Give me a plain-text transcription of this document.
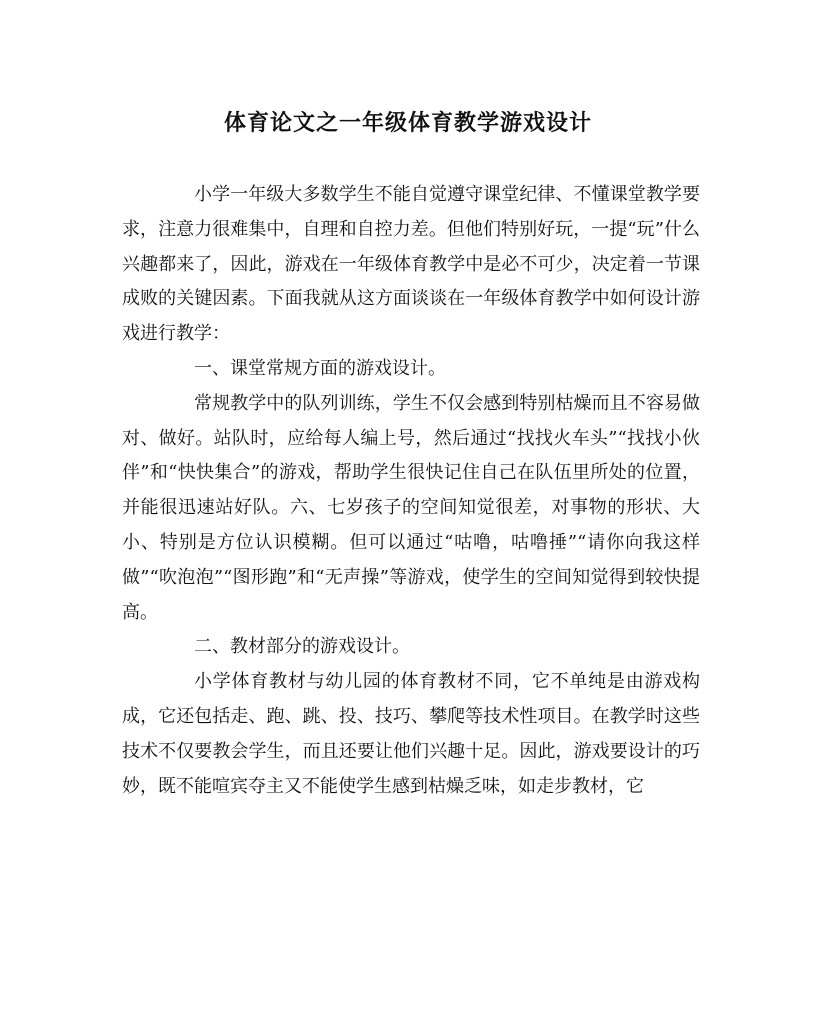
体育论文之一年级体育教学游戏设计

小学一年级大多数学生不能自觉遵守课堂纪律、不懂课堂教学要求，注意力很难集中，自理和自控力差。但他们特别好玩，一提“玩”什么兴趣都来了，因此，游戏在一年级体育教学中是必不可少，决定着一节课成败的关键因素。下面我就从这方面谈谈在一年级体育教学中如何设计游戏进行教学：

一、课堂常规方面的游戏设计。

常规教学中的队列训练，学生不仅会感到特别枯燥而且不容易做对、做好。站队时，应给每人编上号，然后通过“找找火车头”“找找小伙伴”和“快快集合”的游戏，帮助学生很快记住自己在队伍里所处的位置，并能很迅速站好队。六、七岁孩子的空间知觉很差，对事物的形状、大小、特别是方位认识模糊。但可以通过“咕噜，咕噜捶”“请你向我这样做”“吹泡泡”“图形跑”和“无声操”等游戏，使学生的空间知觉得到较快提高。

二、教材部分的游戏设计。

小学体育教材与幼儿园的体育教材不同，它不单纯是由游戏构成，它还包括走、跑、跳、投、技巧、攀爬等技术性项目。在教学时这些技术不仅要教会学生，而且还要让他们兴趣十足。因此，游戏要设计的巧妙，既不能喧宾夺主又不能使学生感到枯燥乏味，如走步教材，它
